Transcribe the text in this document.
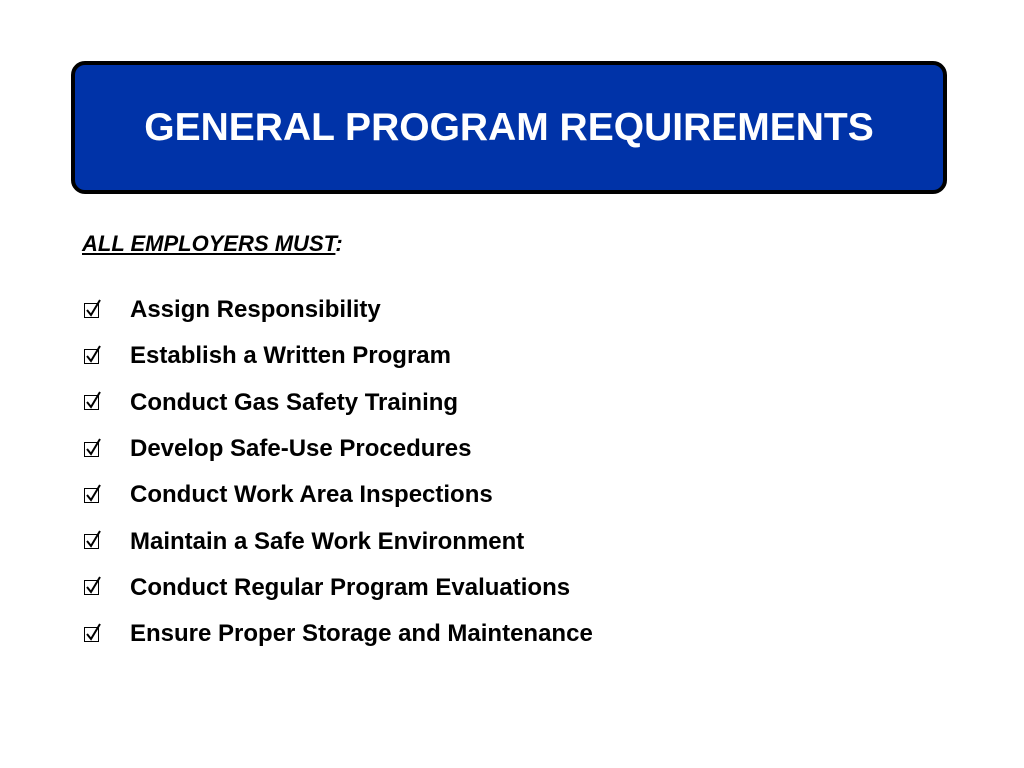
GENERAL PROGRAM REQUIREMENTS
ALL EMPLOYERS MUST:
Assign Responsibility
Establish a Written Program
Conduct Gas Safety Training
Develop Safe-Use Procedures
Conduct Work Area Inspections
Maintain a Safe Work Environment
Conduct Regular Program Evaluations
Ensure Proper Storage and Maintenance
